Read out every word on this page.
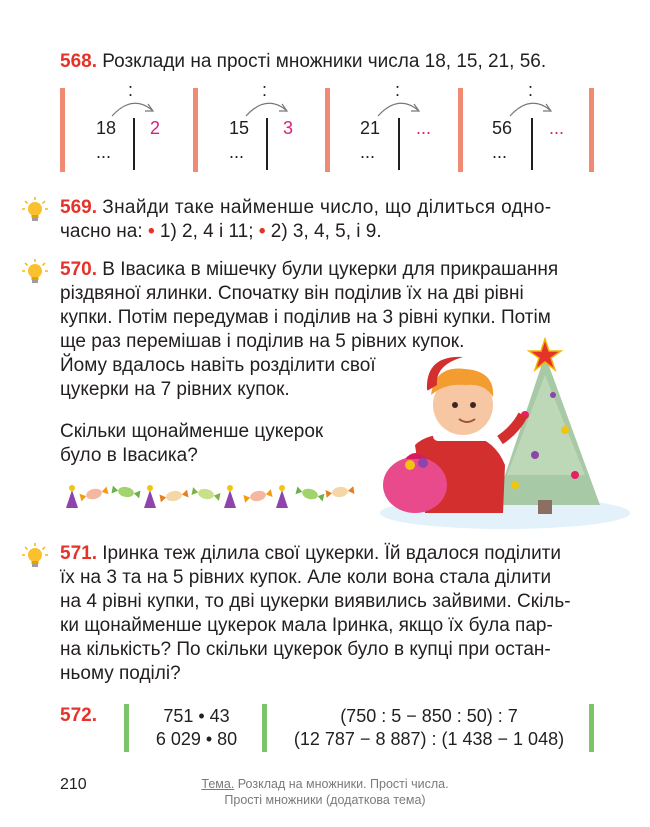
568. Розклади на прості множники числа 18, 15, 21, 56.
:
18 2
...
:
15 3
...
:
21 ...
...
:
56 ...
...
569. Знайди таке найменше число, що ділиться одно-
часно на: • 1) 2, 4 і 11; • 2) 3, 4, 5, і 9.
570. В Івасика в мішечку були цукерки для прикрашання
різдвяної ялинки. Спочатку він поділив їх на дві рівні
купки. Потім передумав і поділив на 3 рівні купки. Потім
ще раз перемішав і поділив на 5 рівних купок.
Йому вдалось навіть розділити свої
цукерки на 7 рівних купок.
Скільки щонайменше цукерок
було в Івасика?
571. Іринка теж ділила свої цукерки. Їй вдалося поділити
їх на 3 та на 5 рівних купок. Але коли вона стала ділити
на 4 рівні купки, то дві цукерки виявились зайвими. Скіль-
ки щонайменше цукерок мала Іринка, якщо їх була пар-
на кількість? По скільки цукерок було в купці при остан-
ньому поділі?
572.	751 • 43
6 029 • 80
(750 : 5 − 850 : 50) : 7
(12 787 − 8 887) : (1 438 − 1 048)
210	Тема. Розклад на множники. Прості числа.
Прості множники (додаткова тема)
